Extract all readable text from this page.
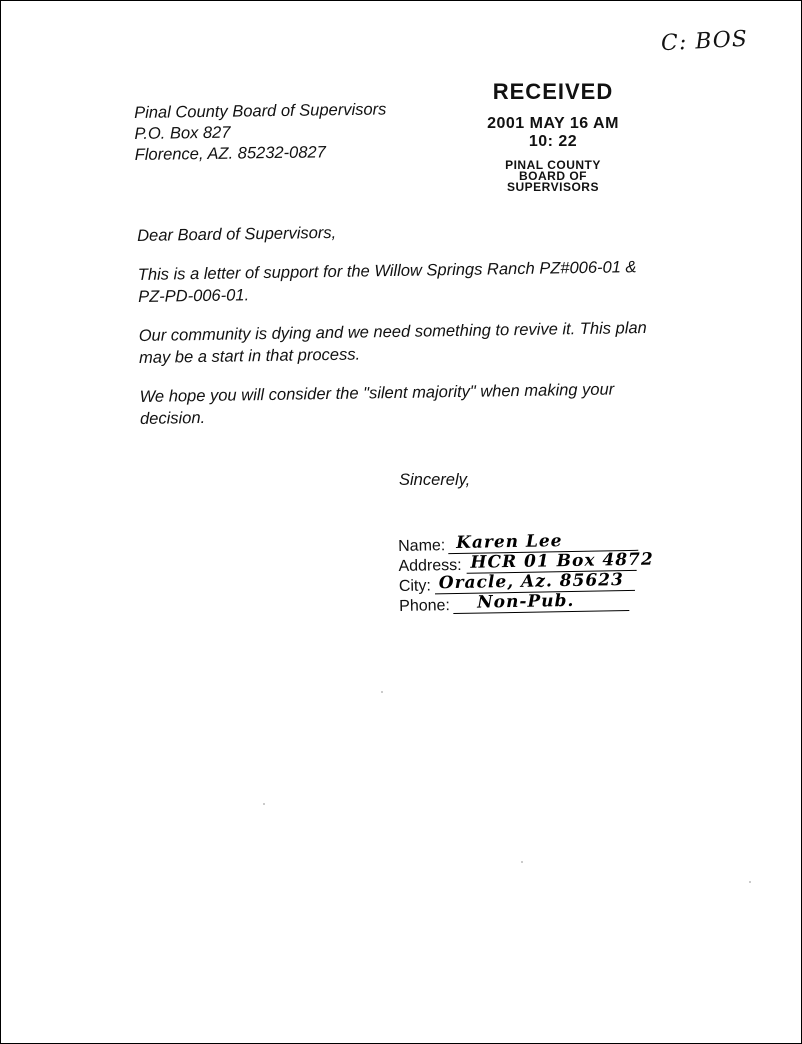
C: BOS
Pinal County Board of Supervisors
P.O. Box 827
Florence, AZ. 85232-0827
RECEIVED
2001 MAY 16 AM 10: 22
PINAL COUNTY
BOARD OF SUPERVISORS

Dear Board of Supervisors,

This is a letter of support for the Willow Springs Ranch PZ#006-01 & PZ-PD-006-01.

Our community is dying and we need something to revive it. This plan may be a start in that process.

We hope you will consider the "silent majority" when making your decision.

Sincerely,
Name: Karen Lee
Address: HCR 01 Box 4872
City: Oracle, Az. 85623
Phone: Non-Pub.
